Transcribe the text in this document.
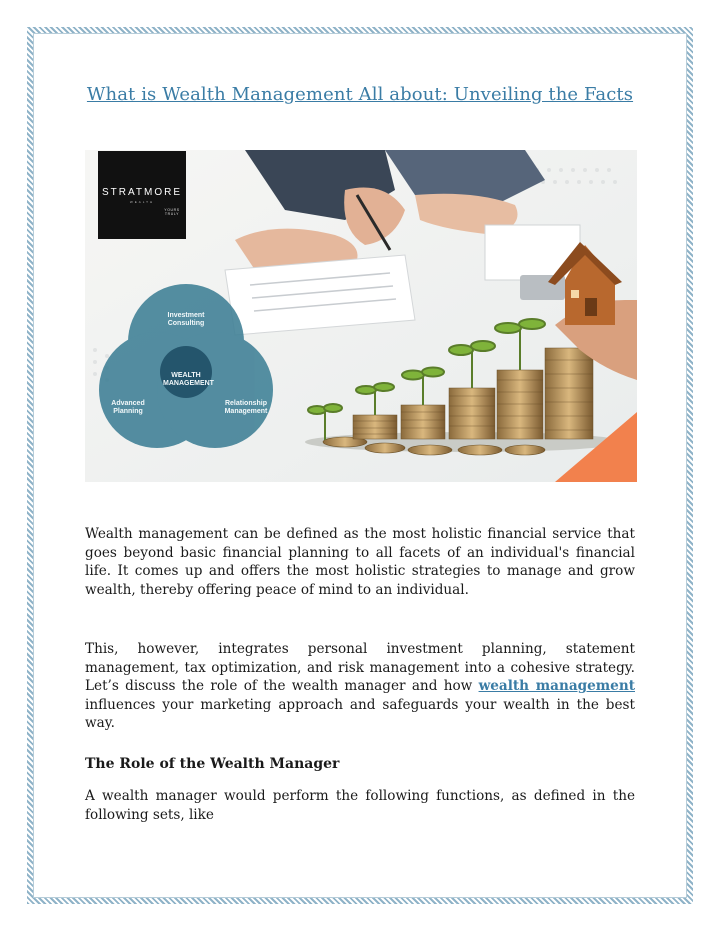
What is Wealth Management All about: Unveiling the Facts
STRATMORE
WEALTH
YOURS TRULY
Investment Consulting
Advanced Planning
Relationship Management
WEALTH MANAGEMENT

Wealth management can be defined as the most holistic financial service that goes beyond basic financial planning to all facets of an individual's financial life. It comes up and offers the most holistic strategies to manage and grow wealth, thereby offering peace of mind to an individual.

This, however, integrates personal investment planning, statement management, tax optimization, and risk management into a cohesive strategy. Let’s discuss the role of the wealth manager and how wealth management influences your marketing approach and safeguards your wealth in the best way.

The Role of the Wealth Manager

A wealth manager would perform the following functions, as defined in the following sets, like
